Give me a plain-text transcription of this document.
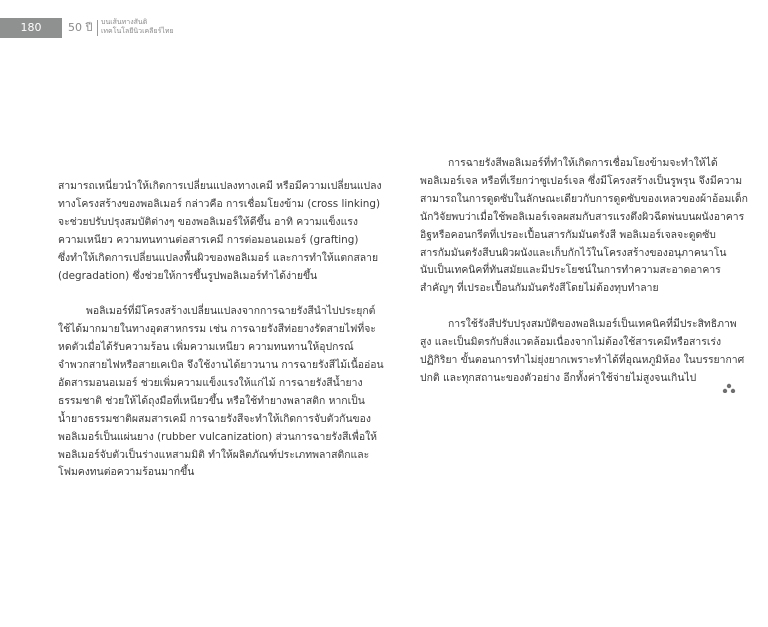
180	50 ปี บนเส้นทางสันติ
เทคโนโลยีนิวเคลียร์ไทย
สามารถเหนี่ยวนำให้เกิดการเปลี่ยนแปลงทางเคมี หรือมีความเปลี่ยนแปลง
ทางโครงสร้างของพอลิเมอร์ กล่าวคือ การเชื่อมโยงข้าม (cross linking)
จะช่วยปรับปรุงสมบัติต่างๆ ของพอลิเมอร์ให้ดีขึ้น อาทิ ความแข็งแรง
ความเหนียว ความทนทานต่อสารเคมี การต่อมอนอเมอร์ (grafting)
ซึ่งทำให้เกิดการเปลี่ยนแปลงพื้นผิวของพอลิเมอร์ และการทำให้แตกสลาย
(degradation) ซึ่งช่วยให้การขึ้นรูปพอลิเมอร์ทำได้ง่ายขึ้น
พอลิเมอร์ที่มีโครงสร้างเปลี่ยนแปลงจากการฉายรังสีนำไปประยุกต์
ใช้ได้มากมายในทางอุตสาหกรรม เช่น การฉายรังสีท่อยางรัดสายไฟที่จะ
หดตัวเมื่อได้รับความร้อน เพิ่มความเหนียว ความทนทานให้อุปกรณ์
จำพวกสายไฟหรือสายเคเบิล จึงใช้งานได้ยาวนาน การฉายรังสีไม้เนื้ออ่อน
อัดสารมอนอเมอร์ ช่วยเพิ่มความแข็งแรงให้แก่ไม้ การฉายรังสีน้ำยาง
ธรรมชาติ ช่วยให้ได้ถุงมือที่เหนียวขึ้น หรือใช้ทำยางพลาสติก หากเป็น
น้ำยางธรรมชาติผสมสารเคมี การฉายรังสีจะทำให้เกิดการจับตัวกันของ
พอลิเมอร์เป็นแผ่นยาง (rubber vulcanization) ส่วนการฉายรังสีเพื่อให้
พอลิเมอร์จับตัวเป็นร่างแหสามมิติ ทำให้ผลิตภัณฑ์ประเภทพลาสติกและ
โฟมคงทนต่อความร้อนมากขึ้น
การฉายรังสีพอลิเมอร์ที่ทำให้เกิดการเชื่อมโยงข้ามจะทำให้ได้
พอลิเมอร์เจล หรือที่เรียกว่าซูเปอร์เจล ซึ่งมีโครงสร้างเป็นรูพรุน จึงมีความ
สามารถในการดูดซับในลักษณะเดียวกับการดูดซับของเหลวของผ้าอ้อมเด็ก
นักวิจัยพบว่าเมื่อใช้พอลิเมอร์เจลผสมกับสารแรงตึงผิวฉีดพ่นบนผนังอาคาร
อิฐหรือคอนกรีตที่เปรอะเปื้อนสารกัมมันตรังสี พอลิเมอร์เจลจะดูดซับ
สารกัมมันตรังสีบนผิวผนังและเก็บกักไว้ในโครงสร้างของอนุภาคนาโน
นับเป็นเทคนิคที่ทันสมัยและมีประโยชน์ในการทำความสะอาดอาคาร
สำคัญๆ ที่เปรอะเปื้อนกัมมันตรังสีโดยไม่ต้องทุบทำลาย
การใช้รังสีปรับปรุงสมบัติของพอลิเมอร์เป็นเทคนิคที่มีประสิทธิภาพ
สูง และเป็นมิตรกับสิ่งแวดล้อมเนื่องจากไม่ต้องใช้สารเคมีหรือสารเร่ง
ปฏิกิริยา ขั้นตอนการทำไม่ยุ่งยากเพราะทำได้ที่อุณหภูมิห้อง ในบรรยากาศ
ปกติ และทุกสถานะของตัวอย่าง อีกทั้งค่าใช้จ่ายไม่สูงจนเกินไป
